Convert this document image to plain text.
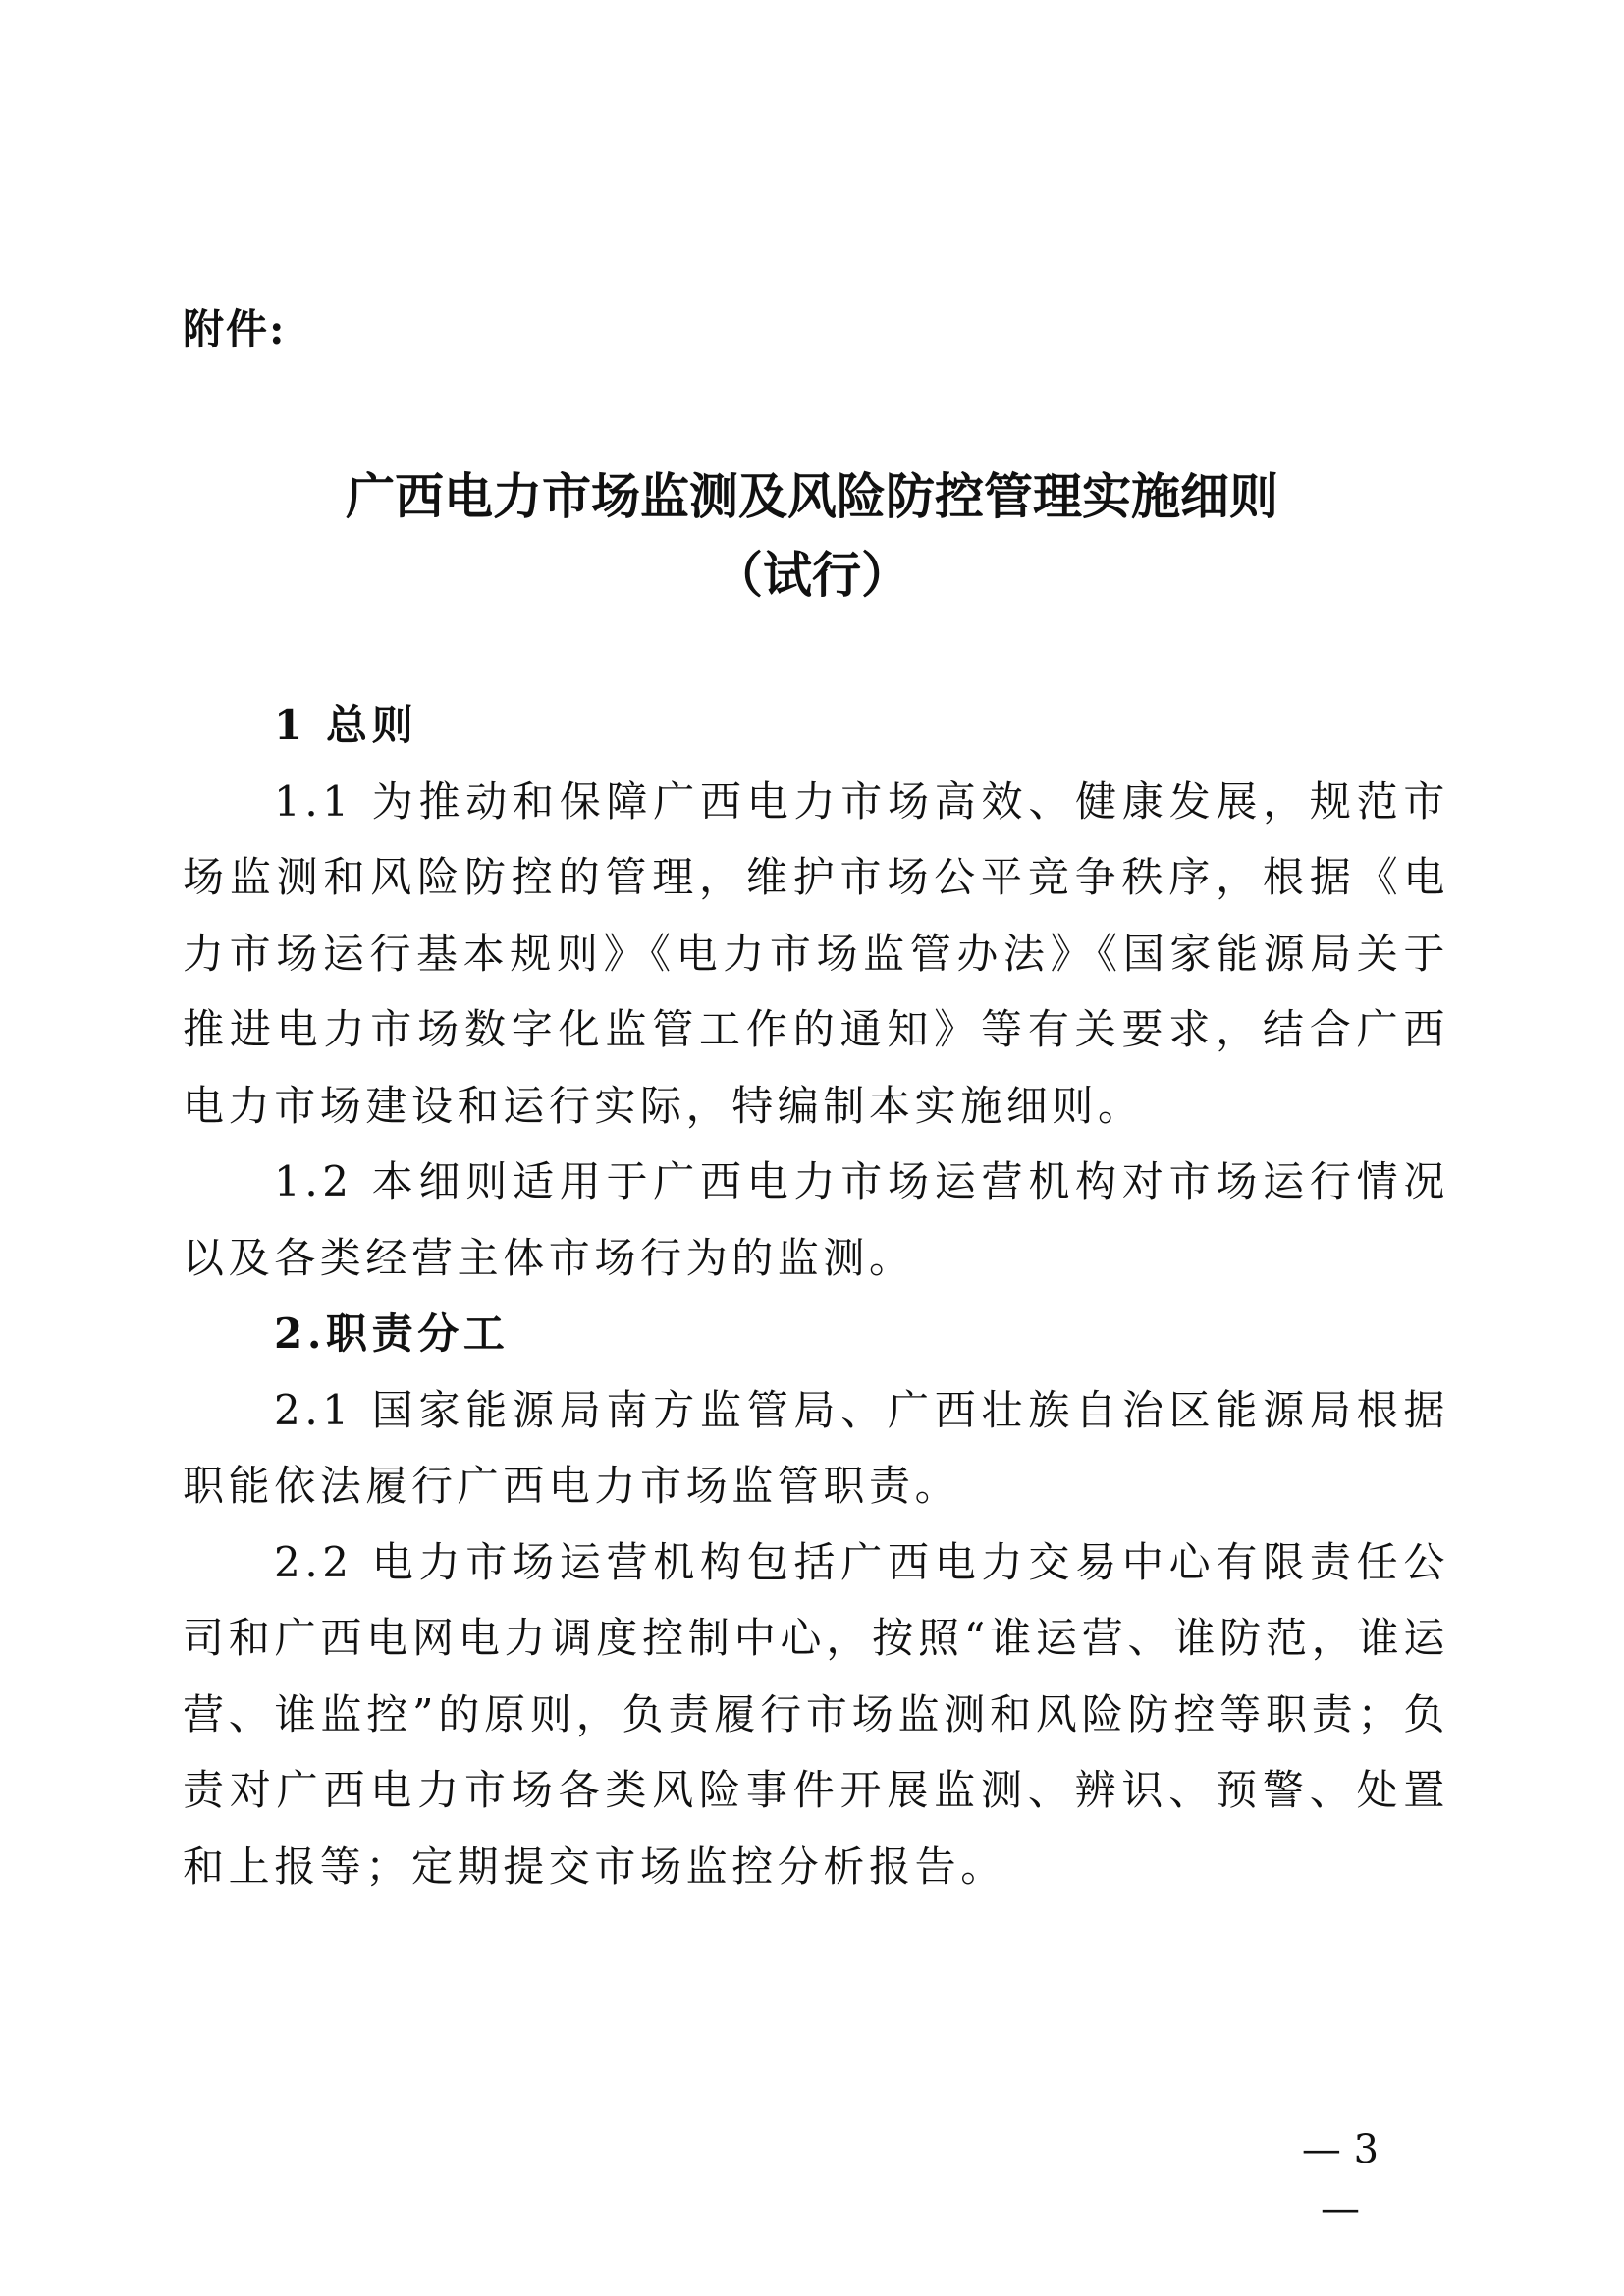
附件:
广西电力市场监测及风险防控管理实施细则
（试行）

1 总则

1.1 为推动和保障广西电力市场高效、健康发展，规范市场监测和风险防控的管理，维护市场公平竞争秩序，根据《电力市场运行基本规则》《电力市场监管办法》《国家能源局关于推进电力市场数字化监管工作的通知》等有关要求，结合广西电力市场建设和运行实际，特编制本实施细则。

1.2 本细则适用于广西电力市场运营机构对市场运行情况以及各类经营主体市场行为的监测。

2.职责分工

2.1 国家能源局南方监管局、广西壮族自治区能源局根据职能依法履行广西电力市场监管职责。

2.2 电力市场运营机构包括广西电力交易中心有限责任公司和广西电网电力调度控制中心，按照“谁运营、谁防范，谁运营、谁监控”的原则，负责履行市场监测和风险防控等职责；负责对广西电力市场各类风险事件开展监测、辨识、预警、处置和上报等；定期提交市场监控分析报告。

— 3 —
